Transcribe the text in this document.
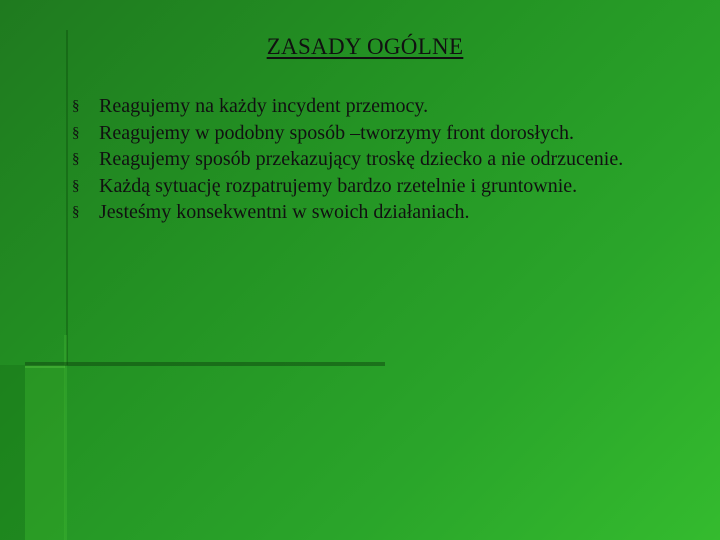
ZASADY OGÓLNE
§ Reagujemy na każdy incydent przemocy.
§ Reagujemy w podobny sposób –tworzymy front dorosłych.
§ Reagujemy sposób przekazujący troskę dziecko a nie odrzucenie.
§ Każdą sytuację rozpatrujemy bardzo rzetelnie i gruntownie.
§ Jesteśmy konsekwentni w swoich działaniach.
